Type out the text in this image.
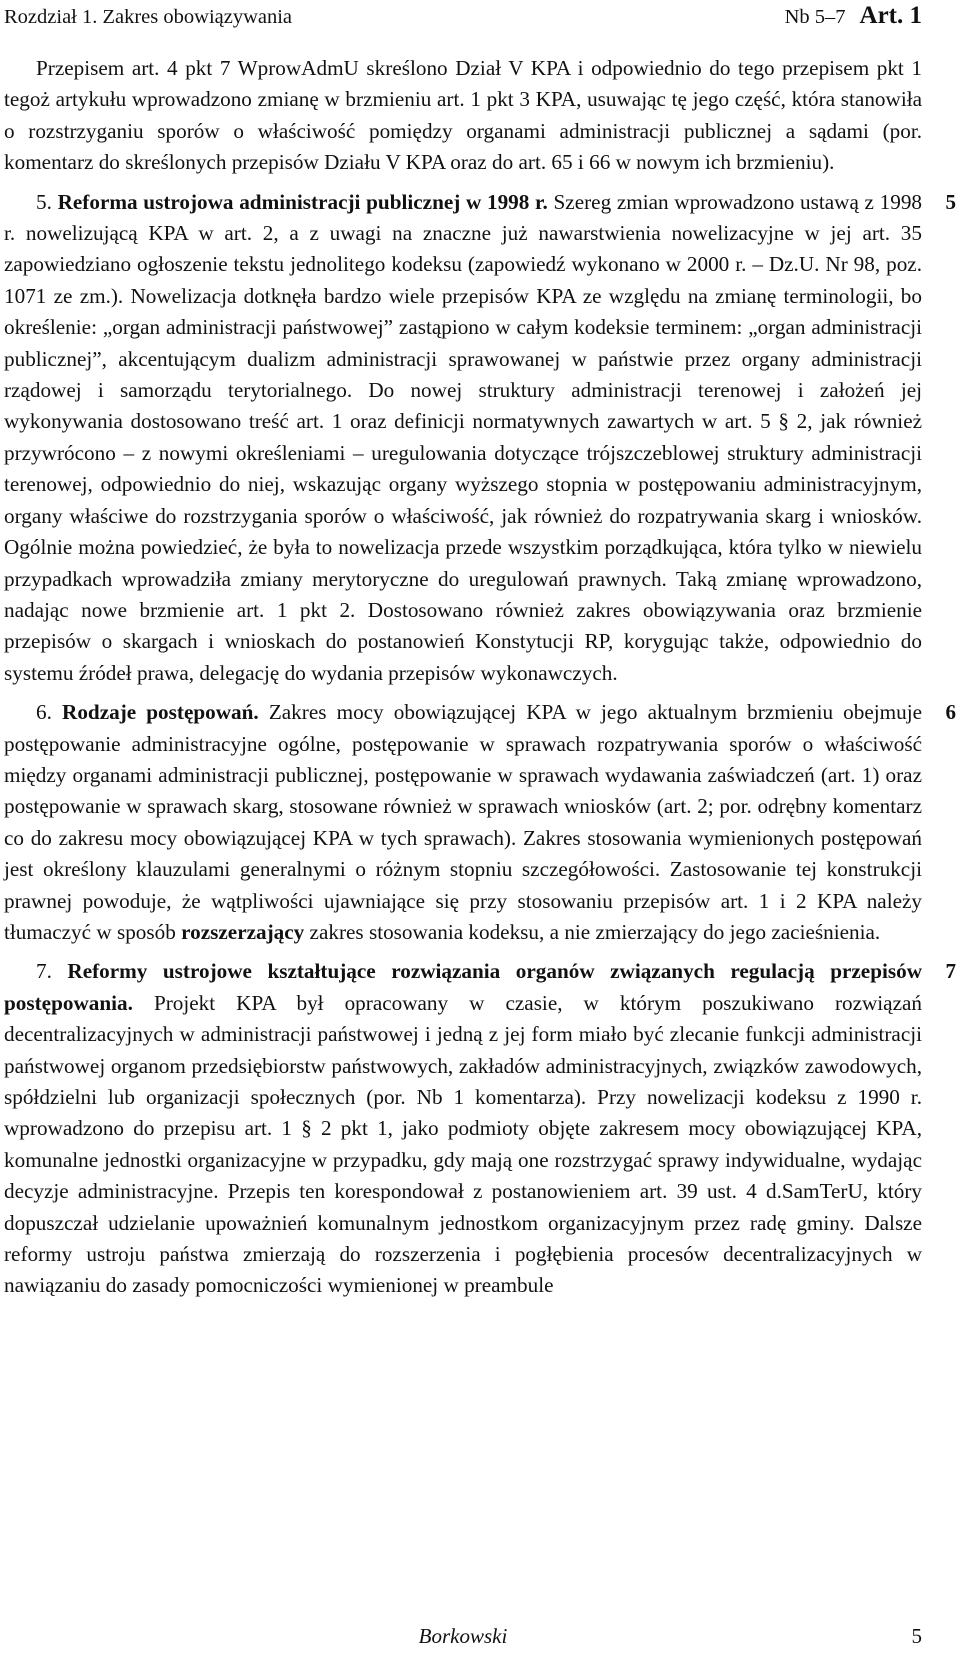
Rozdział 1. Zakres obowiązywania	Nb 5–7 Art. 1

Przepisem art. 4 pkt 7 WprowAdmU skreślono Dział V KPA i odpowiednio do tego przepisem pkt 1 tegoż artykułu wprowadzono zmianę w brzmieniu art. 1 pkt 3 KPA, usuwając tę jego część, która stanowiła o rozstrzyganiu sporów o właściwość pomiędzy organami administracji publicznej a sądami (por. komentarz do skreślonych przepisów Działu V KPA oraz do art. 65 i 66 w nowym ich brzmieniu).

5
5. Reforma ustrojowa administracji publicznej w 1998 r. Szereg zmian wprowadzono ustawą z 1998 r. nowelizującą KPA w art. 2, a z uwagi na znaczne już nawarstwienia nowelizacyjne w jej art. 35 zapowiedziano ogłoszenie tekstu jednolitego kodeksu (zapowiedź wykonano w 2000 r. – Dz.U. Nr 98, poz. 1071 ze zm.). Nowelizacja dotknęła bardzo wiele przepisów KPA ze względu na zmianę terminologii, bo określenie: „organ administracji państwowej” zastąpiono w całym kodeksie terminem: „organ administracji publicznej”, akcentującym dualizm administracji sprawowanej w państwie przez organy administracji rządowej i samorządu terytorialnego. Do nowej struktury administracji terenowej i założeń jej wykonywania dostosowano treść art. 1 oraz definicji normatywnych zawartych w art. 5 § 2, jak również przywrócono – z nowymi określeniami – uregulowania dotyczące trójszczeblowej struktury administracji terenowej, odpowiednio do niej, wskazując organy wyższego stopnia w postępowaniu administracyjnym, organy właściwe do rozstrzygania sporów o właściwość, jak również do rozpatrywania skarg i wniosków. Ogólnie można powiedzieć, że była to nowelizacja przede wszystkim porządkująca, która tylko w niewielu przypadkach wprowadziła zmiany merytoryczne do uregulowań prawnych. Taką zmianę wprowadzono, nadając nowe brzmienie art. 1 pkt 2. Dostosowano również zakres obowiązywania oraz brzmienie przepisów o skargach i wnioskach do postanowień Konstytucji RP, korygując także, odpowiednio do systemu źródeł prawa, delegację do wydania przepisów wykonawczych.

6
6. Rodzaje postępowań. Zakres mocy obowiązującej KPA w jego aktualnym brzmieniu obejmuje postępowanie administracyjne ogólne, postępowanie w sprawach rozpatrywania sporów o właściwość między organami administracji publicznej, postępowanie w sprawach wydawania zaświadczeń (art. 1) oraz postępowanie w sprawach skarg, stosowane również w sprawach wniosków (art. 2; por. odrębny komentarz co do zakresu mocy obowiązującej KPA w tych sprawach). Zakres stosowania wymienionych postępowań jest określony klauzulami generalnymi o różnym stopniu szczegółowości. Zastosowanie tej konstrukcji prawnej powoduje, że wątpliwości ujawniające się przy stosowaniu przepisów art. 1 i 2 KPA należy tłumaczyć w sposób rozszerzający zakres stosowania kodeksu, a nie zmierzający do jego zacieśnienia.

7
7. Reformy ustrojowe kształtujące rozwiązania organów związanych regulacją przepisów postępowania. Projekt KPA był opracowany w czasie, w którym poszukiwano rozwiązań decentralizacyjnych w administracji państwowej i jedną z jej form miało być zlecanie funkcji administracji państwowej organom przedsiębiorstw państwowych, zakładów administracyjnych, związków zawodowych, spółdzielni lub organizacji społecznych (por. Nb 1 komentarza). Przy nowelizacji kodeksu z 1990 r. wprowadzono do przepisu art. 1 § 2 pkt 1, jako podmioty objęte zakresem mocy obowiązującej KPA, komunalne jednostki organizacyjne w przypadku, gdy mają one rozstrzygać sprawy indywidualne, wydając decyzje administracyjne. Przepis ten korespondował z postanowieniem art. 39 ust. 4 d.SamTerU, który dopuszczał udzielanie upoważnień komunalnym jednostkom organizacyjnym przez radę gminy. Dalsze reformy ustroju państwa zmierzają do rozszerzenia i pogłębienia procesów decentralizacyjnych w nawiązaniu do zasady pomocniczości wymienionej w preambule

Borkowski	5
